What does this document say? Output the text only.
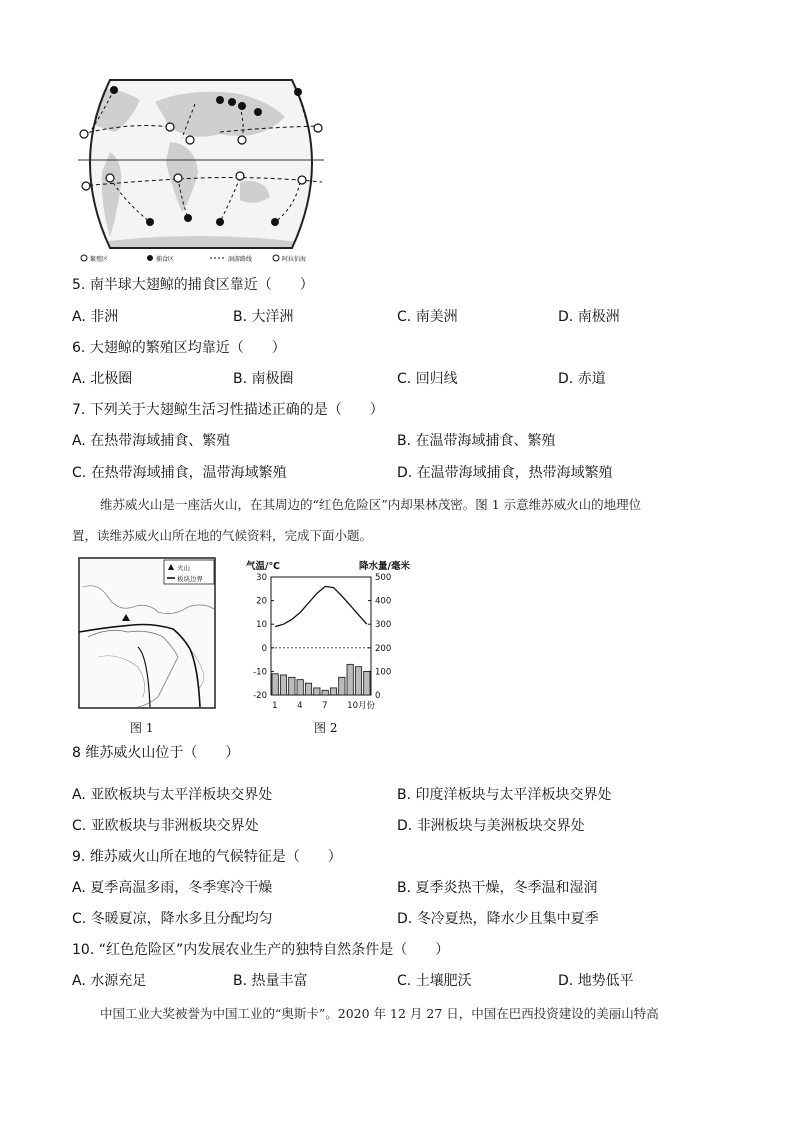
繁殖区	捕食区	洄游路线	阿拉伯海
5. 南半球大翅鲸的捕食区靠近（　　）
A. 非洲	B. 大洋洲	C. 南美洲	D. 南极洲
6. 大翅鲸的繁殖区均靠近（　　）
A. 北极圈	B. 南极圈	C. 回归线	D. 赤道
7. 下列关于大翅鲸生活习性描述正确的是（　　）
A. 在热带海域捕食、繁殖	B. 在温带海域捕食、繁殖
C. 在热带海域捕食，温带海域繁殖	D. 在温带海域捕食，热带海域繁殖
维苏威火山是一座活火山，在其周边的“红色危险区”内却果林茂密。图 1 示意维苏威火山的地理位
置，读维苏威火山所在地的气候资料，完成下面小题。
火山
板块边界
图 1
气温/℃	降水量/毫米
30
20
10
0
-10
-20
500
400
300
200
100
0
1 4 7 10月份
图 2
8 维苏威火山位于（　　）
A. 亚欧板块与太平洋板块交界处	B. 印度洋板块与太平洋板块交界处
C. 亚欧板块与非洲板块交界处	D. 非洲板块与美洲板块交界处
9. 维苏威火山所在地的气候特征是（　　）
A. 夏季高温多雨，冬季寒冷干燥	B. 夏季炎热干燥，冬季温和湿润
C. 冬暖夏凉，降水多且分配均匀	D. 冬冷夏热，降水少且集中夏季
10. “红色危险区”内发展农业生产的独特自然条件是（　　）
A. 水源充足	B. 热量丰富	C. 土壤肥沃	D. 地势低平
中国工业大奖被誉为中国工业的“奥斯卡”。2020 年 12 月 27 日，中国在巴西投资建设的美丽山特高
